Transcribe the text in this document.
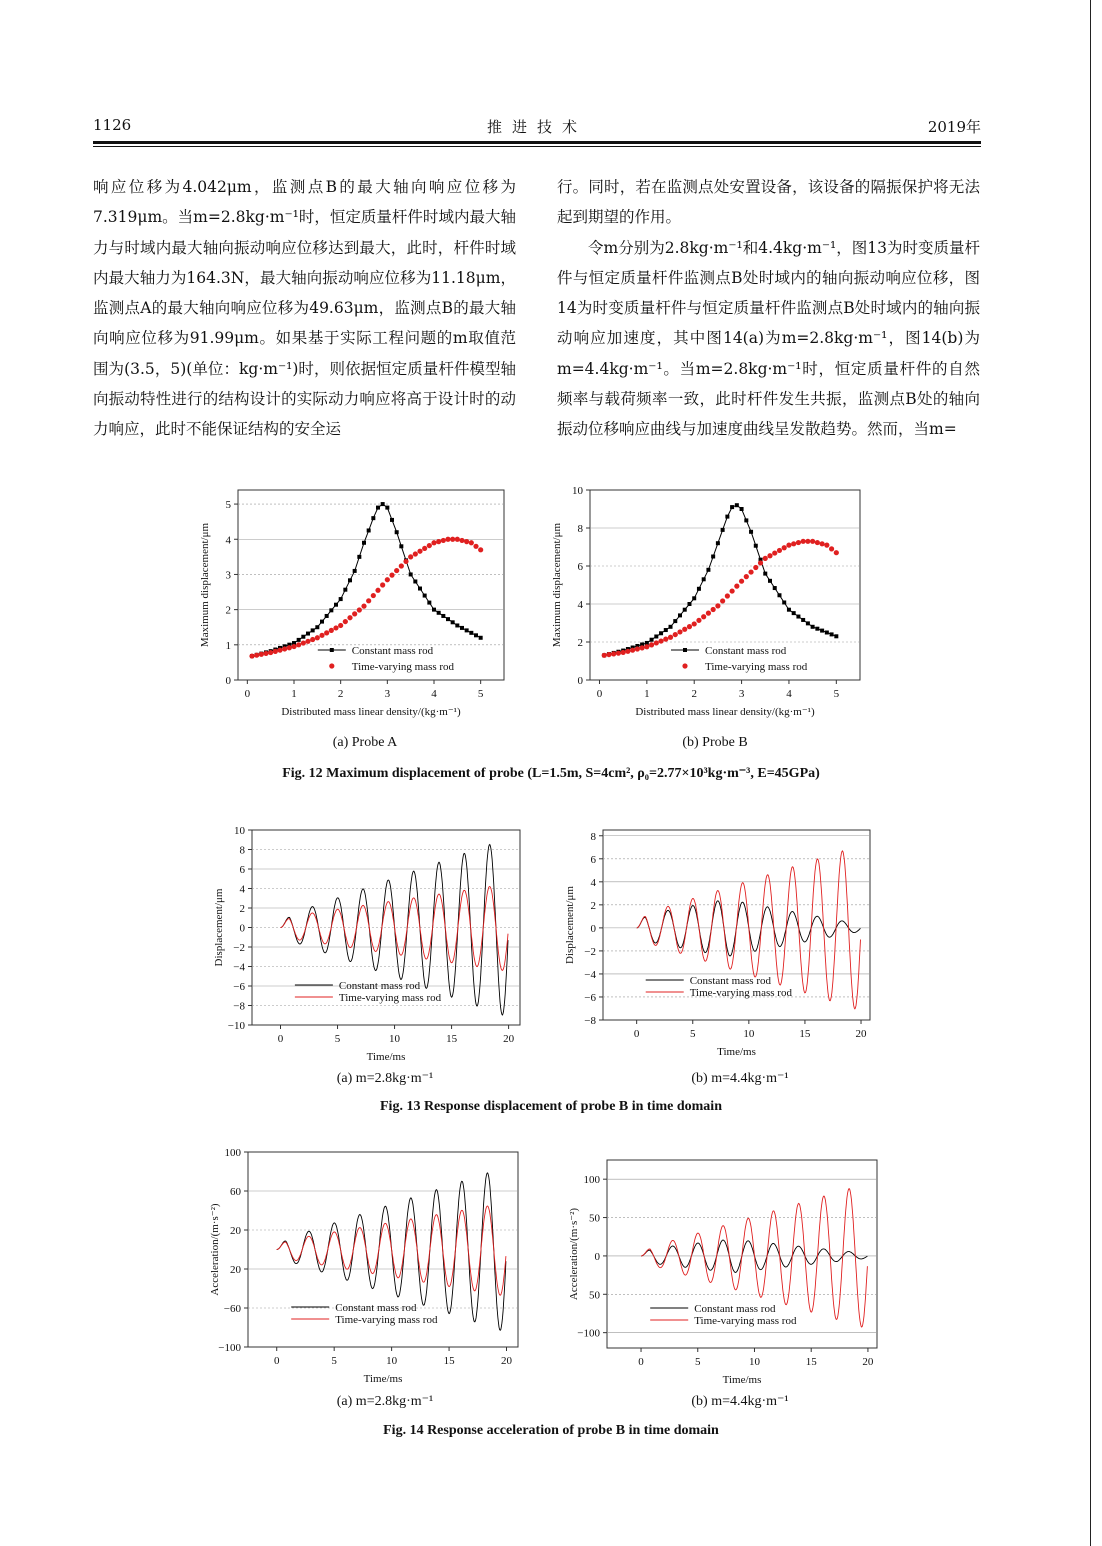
1126	推进技术	2019年

响应位移为4.042μm，监测点B的最大轴向响应位移为7.319μm。当m=2.8kg·m⁻¹时，恒定质量杆件时域内最大轴力与时域内最大轴向振动响应位移达到最大，此时，杆件时域内最大轴力为164.3N，最大轴向振动响应位移为11.18μm，监测点A的最大轴向响应位移为49.63μm，监测点B的最大轴向响应位移为91.99μm。如果基于实际工程问题的m取值范围为(3.5，5)(单位：kg·m⁻¹)时，则依据恒定质量杆件模型轴向振动特性进行的结构设计的实际动力响应将高于设计时的动力响应，此时不能保证结构的安全运

行。同时，若在监测点处安置设备，该设备的隔振保护将无法起到期望的作用。

令m分别为2.8kg·m⁻¹和4.4kg·m⁻¹，图13为时变质量杆件与恒定质量杆件监测点B处时域内的轴向振动响应位移，图14为时变质量杆件与恒定质量杆件监测点B处时域内的轴向振动响应加速度，其中图14(a)为m=2.8kg·m⁻¹，图14(b)为m=4.4kg·m⁻¹。当m=2.8kg·m⁻¹时，恒定质量杆件的自然频率与载荷频率一致，此时杆件发生共振，监测点B处的轴向振动位移响应曲线与加速度曲线呈发散趋势。然而，当m=

0	1	2	3	4	5
0
1
2
3
4
5
Distributed mass linear density/(kg·m⁻¹)
Maximum displacement/μm
Constant mass rod
Time-varying mass rod
0	1	2	3	4	5
0
2
4
6
8
10
Distributed mass linear density/(kg·m⁻¹)
Maximum displacement/μm
Constant mass rod
Time-varying mass rod
0	5	10	15	20
−10
−8
−6
−4
−2
0
2
4
6
8
10
Time/ms
Displacement/μm
Constant mass rod
Time-varying mass rod
0	5	10	15	20
−8
−6
−4
−2
0
2
4
6
8
Time/ms
Displacement/μm
Constant mass rod
Time-varying mass rod
0	5	10	15	20
−100
−60
20
20
60
100
Time/ms
Acceleration/(m·s⁻²)
Constant mass rod
Time-varying mass rod
0	5	10	15	20
−100
50
0
50
100
Time/ms
Acceleration/(m·s⁻²)
Constant mass rod
Time-varying mass rod
(a) Probe A	(b) Probe B
Fig. 12 Maximum displacement of probe (L=1.5m, S=4cm², ρ₀=2.77×10³kg·m⁻³, E=45GPa)
(a) m=2.8kg·m⁻¹	(b) m=4.4kg·m⁻¹
Fig. 13 Response displacement of probe B in time domain
(a) m=2.8kg·m⁻¹	(b) m=4.4kg·m⁻¹
Fig. 14 Response acceleration of probe B in time domain
